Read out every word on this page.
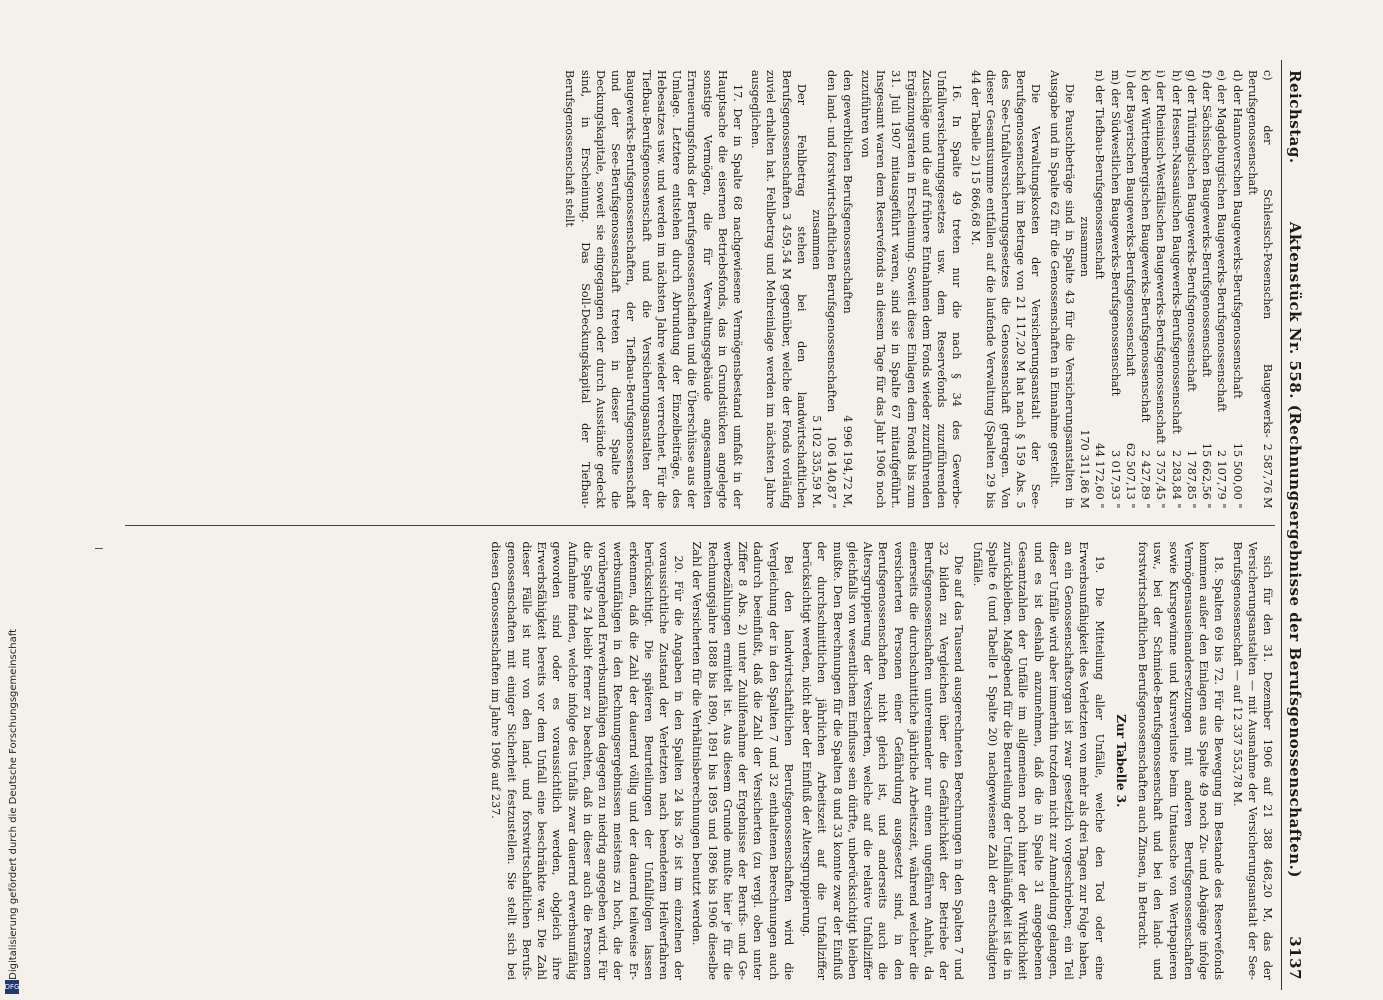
Digitalisierung gefördert durch die Deutsche Forschungsgemeinschaft
DFG
Reichstag.
Aktenstück Nr. 558. (Rechnungsergebnisse der Berufsgenossenschaften.)
3137
c) der Schlesisch-Posenschen Baugewerks-Berufsgenossenschaft
2 587,76 M
d) der Hannoverschen Baugewerks-Berufsgenossenschaft
15 500,00 "
e) der Magdeburgischen Baugewerks-Berufsgenossenschaft
2 107,79 "
f) der Sächsischen Baugewerks-Berufsgenossenschaft
15 662,56 "
g) der Thüringischen Baugewerks-Berufsgenossenschaft
1 787,85 "
h) der Hessen-Nassauischen Baugewerks-Berufsgenossenschaft
2 283,84 "
i) der Rheinisch-Westfälischen Baugewerks-Berufsgenossenschaft
3 757,45 "
k) der Württembergischen Baugewerks-Berufsgenossenschaft
2 427,89 "
l) der Bayerischen Baugewerks-Berufsgenossenschaft
62 507,13 "
m) der Südwestlichen Baugewerks-Berufsgenossenschaft
3 017,93 "
n) der Tiefbau-Berufsgenossenschaft
44 172,60 "
zusammen
170 311,86 M

Die Pauschbeträge sind in Spalte 43 für die Versicherungsanstalten in Ausgabe und in Spalte 62 für die Genossenschaften in Einnahme gestellt.

Die Verwaltungskosten der Versicherungsanstalt der See-Berufsgenossenschaft im Betrage von 21 117,20 M hat nach § 159 Abs. 5 des See-Unfallversicherungsgesetzes die Genossenschaft getragen. Von dieser Gesamtsumme entfallen auf die laufende Verwaltung (Spalten 29 bis 44 der Tabelle 2) 15 866,68 M.

16. In Spalte 49 treten nur die nach § 34 des Gewerbe-Unfallversicherungsgesetzes usw. dem Reservefonds zuzuführenden Zuschläge und die auf frühere Entnahmen dem Fonds wieder zuzuführenden Ergänzungsraten in Erscheinung. Soweit diese Einlagen dem Fonds bis zum 31. Juli 1907 mitausgeführt waren, sind sie in Spalte 67 mitaufgeführt. Insgesamt waren dem Reservefonds an diesem Tage für das Jahr 1906 noch zuzuführen von

den gewerblichen Berufsgenossenschaften
4 996 194,72 M,
den land- und forstwirtschaftlichen Berufsgenossenschaften
106 140,87 "
zusammen
5 102 335,59 M.

Der Fehlbetrag stehen bei den landwirtschaftlichen Berufsgenossenschaften 3 459,54 M gegenüber, welche der Fonds vorläufig zuviel erhalten hat. Fehlbetrag und Mehreinlage werden im nächsten Jahre ausgeglichen.

17. Der in Spalte 68 nachgewiesene Vermögensbestand umfaßt in der Hauptsache die eisernen Betriebsfonds, das in Grundstücken angelegte sonstige Vermögen, die für Verwaltungsgebäude angesammelten Erneuerungsfonds der Berufsgenossenschaften und die Überschüsse aus der Umlage. Letztere entstehen durch Abrundung der Einzelbeiträge, des Hebesatzes usw. und werden im nächsten Jahre wieder verrechnet. Für die Tiefbau-Berufsgenossenschaft und die Versicherungsanstalten der Baugewerks-Berufsgenossenschaften, der Tiefbau-Berufsgenossenschaft und der See-Berufsgenossenschaft treten in dieser Spalte die Deckungskapitale, soweit sie eingegangen oder durch Ausstände gedeckt sind, in Erscheinung. Das Soll-Deckungskapital der Tiefbau-Berufsgenossenschaft stellt

sich für den 31. Dezember 1906 auf 21 388 468,20 M, das der Versicherungsanstalten — mit Ausnahme der Versicherungsanstalt der See-Berufsgenossenschaft — auf 12 337 553,78 M.

18. Spalten 69 bis 72. Für die Bewegung im Bestande des Reservefonds kommen außer den Einlagen aus Spalte 49 noch Zu- und Abgänge infolge Vermögensauseinandersetzungen mit anderen Berufsgenossenschaften sowie Kursgewinne und Kursverluste beim Umtausche von Wertpapieren usw., bei der Schmiede-Berufsgenossenschaft und bei den land- und forstwirtschaftlichen Berufsgenossenschaften auch Zinsen, in Betracht.

Zur Tabelle 3.

19. Die Mitteilung aller Unfälle, welche den Tod oder eine Erwerbsunfähigkeit des Verletzten von mehr als drei Tagen zur Folge haben, an ein Genossenschaftsorgan ist zwar gesetzlich vorgeschrieben; ein Teil dieser Unfälle wird aber immerhin trotzdem nicht zur Anmeldung gelangen, und es ist deshalb anzunehmen, daß die in Spalte 31 angegebenen Gesamtzahlen der Unfälle im allgemeinen noch hinter der Wirklichkeit zurückbleiben. Maßgebend für die Beurteilung der Unfallhäufigkeit ist die in Spalte 6 (und Tabelle 1 Spalte 20) nachgewiesene Zahl der entschädigten Unfälle.

Die auf das Tausend ausgerechneten Berechnungen in den Spalten 7 und 32 bilden zu Vergleichen über die Gefährlichkeit der Betriebe der Berufsgenossenschaften untereinander nur einen ungefähren Anhalt, da einerseits die durchschnittliche jährliche Arbeitszeit, während welcher die versicherten Personen einer Gefährdung ausgesetzt sind, in den Berufsgenossenschaften nicht gleich ist, und anderseits auch die Altersgruppierung der Versicherten, welche auf die relative Unfallziffer gleichfalls von wesentlichem Einflusse sein dürfte, unberücksichtigt bleiben mußte. Den Berechnungen für die Spalten 8 und 33 konnte zwar der Einfluß der durchschnittlichen jährlichen Arbeitszeit auf die Unfallziffer berücksichtigt werden, nicht aber der Einfluß der Altersgruppierung.

Bei den landwirtschaftlichen Berufsgenossenschaften wird die Vergleichung der in den Spalten 7 und 32 enthaltenen Berechnungen auch dadurch beeinflußt, daß die Zahl der Versicherten (zu vergl. oben unter Ziffer 8 Abs. 2) unter Zuhilfenahme der Ergebnisse der Berufs- und Gewerbezählungen ermittelt ist. Aus diesem Grunde mußte hier je für die Rechnungsjahre 1888 bis 1890, 1891 bis 1895 und 1896 bis 1906 dieselbe Zahl der Versicherten für die Verhältnisberechnungen benutzt werden.

20. Für die Angaben in den Spalten 24 bis 26 ist im einzelnen der voraussichtliche Zustand der Verletzten nach beendetem Heilverfahren berücksichtigt. Die späteren Beurteilungen der Unfallfolgen lassen erkennen, daß die Zahl der dauernd völlig und der dauernd teilweise Erwerbsunfähigen in den Rechnungsergebnissen meistens zu hoch, die der vorübergehend Erwerbsunfähigen dagegen zu niedrig angegeben wird. Für die Spalte 24 bleibt ferner zu beachten, daß in dieser auch die Personen Aufnahme finden, welche infolge des Unfalls zwar dauernd erwerbsunfähig geworden sind oder es voraussichtlich werden, obgleich ihre Erwerbsfähigkeit bereits vor dem Unfall eine beschränkte war. Die Zahl dieser Fälle ist nur von den land- und forstwirtschaftlichen Berufsgenossenschaften mit einiger Sicherheit festzustellen. Sie stellt sich bei diesen Genossenschaften im Jahre 1906 auf 237.
